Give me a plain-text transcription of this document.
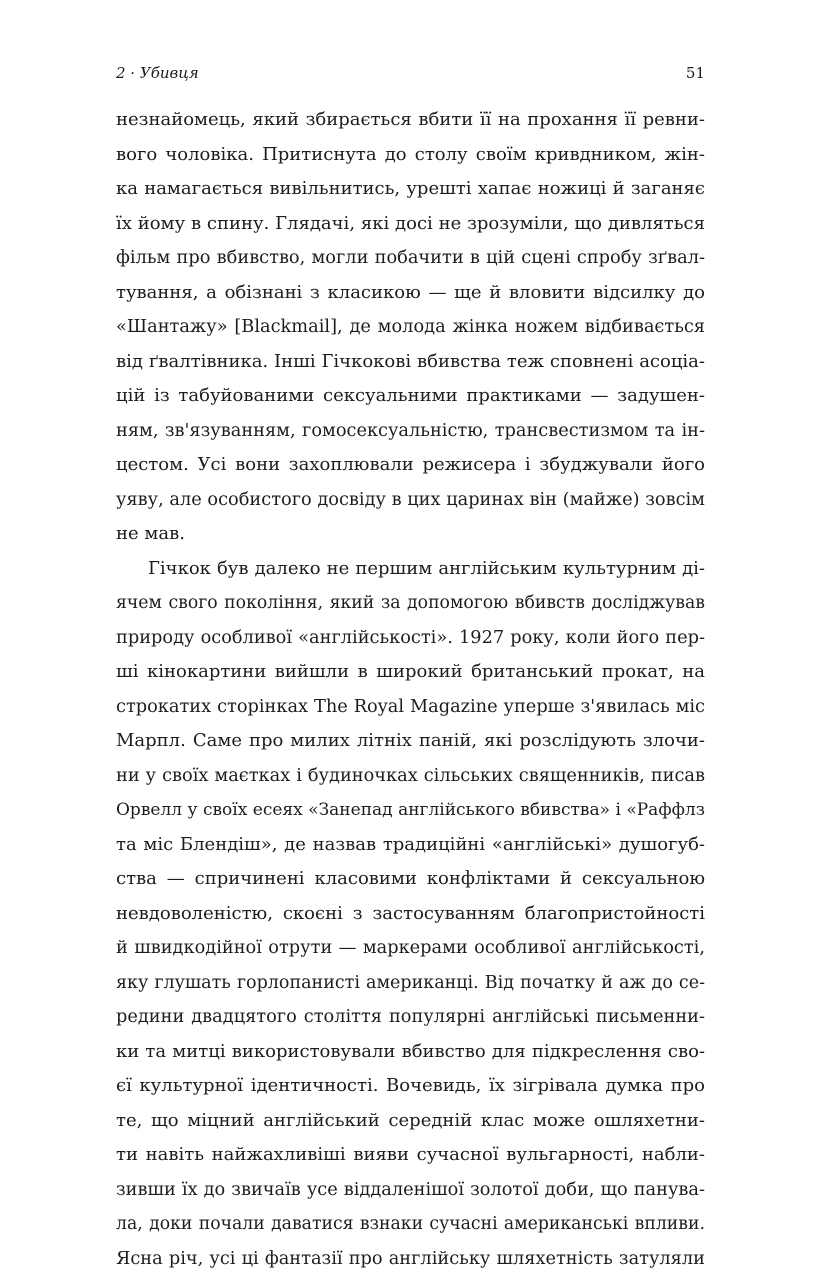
2 · Убивця	51
незнайомець, який збирається вбити її на прохання її ревни-
вого чоловіка. Притиснута до столу своїм кривдником, жін-
ка намагається вивільнитись, урешті хапає ножиці й заганяє
їх йому в спину. Глядачі, які досі не зрозуміли, що дивляться
фільм про вбивство, могли побачити в цій сцені спробу зґвал-
тування, а обізнані з класикою — ще й вловити відсилку до
«Шантажу» [Blackmail], де молода жінка ножем відбивається
від ґвалтівника. Інші Гічкокові вбивства теж сповнені асоціа-
цій із табуйованими сексуальними практиками — задушен-
ням, зв'язуванням, гомосексуальністю, трансвестизмом та ін-
цестом. Усі вони захоплювали режисера і збуджували його
уяву, але особистого досвіду в цих царинах він (майже) зовсім
не мав.
Гічкок був далеко не першим англійським культурним ді-
ячем свого покоління, який за допомогою вбивств досліджував
природу особливої «англійськості». 1927 року, коли його пер-
ші кінокартини вийшли в широкий британський прокат, на
строкатих сторінках The Royal Magazine уперше з'явилась міс
Марпл. Саме про милих літніх паній, які розслідують злочи-
ни у своїх маєтках і будиночках сільських священників, писав
Орвелл у своїх есеях «Занепад англійського вбивства» і «Раффлз
та міс Блендіш», де назвав традиційні «англійські» душогуб-
ства — спричинені класовими конфліктами й сексуальною
невдоволеністю, скоєні з застосуванням благопристойності
й швидкодійної отрути — маркерами особливої англійськості,
яку глушать горлопанисті американці. Від початку й аж до се-
редини двадцятого століття популярні англійські письменни-
ки та митці використовували вбивство для підкреслення сво-
єї культурної ідентичності. Вочевидь, їх зігрівала думка про
те, що міцний англійський середній клас може ошляхетни-
ти навіть найжахливіші вияви сучасної вульгарності, набли-
зивши їх до звичаїв усе віддаленішої золотої доби, що панува-
ла, доки почали даватися взнаки сучасні американські впливи.
Ясна річ, усі ці фантазії про англійську шляхетність затуляли
